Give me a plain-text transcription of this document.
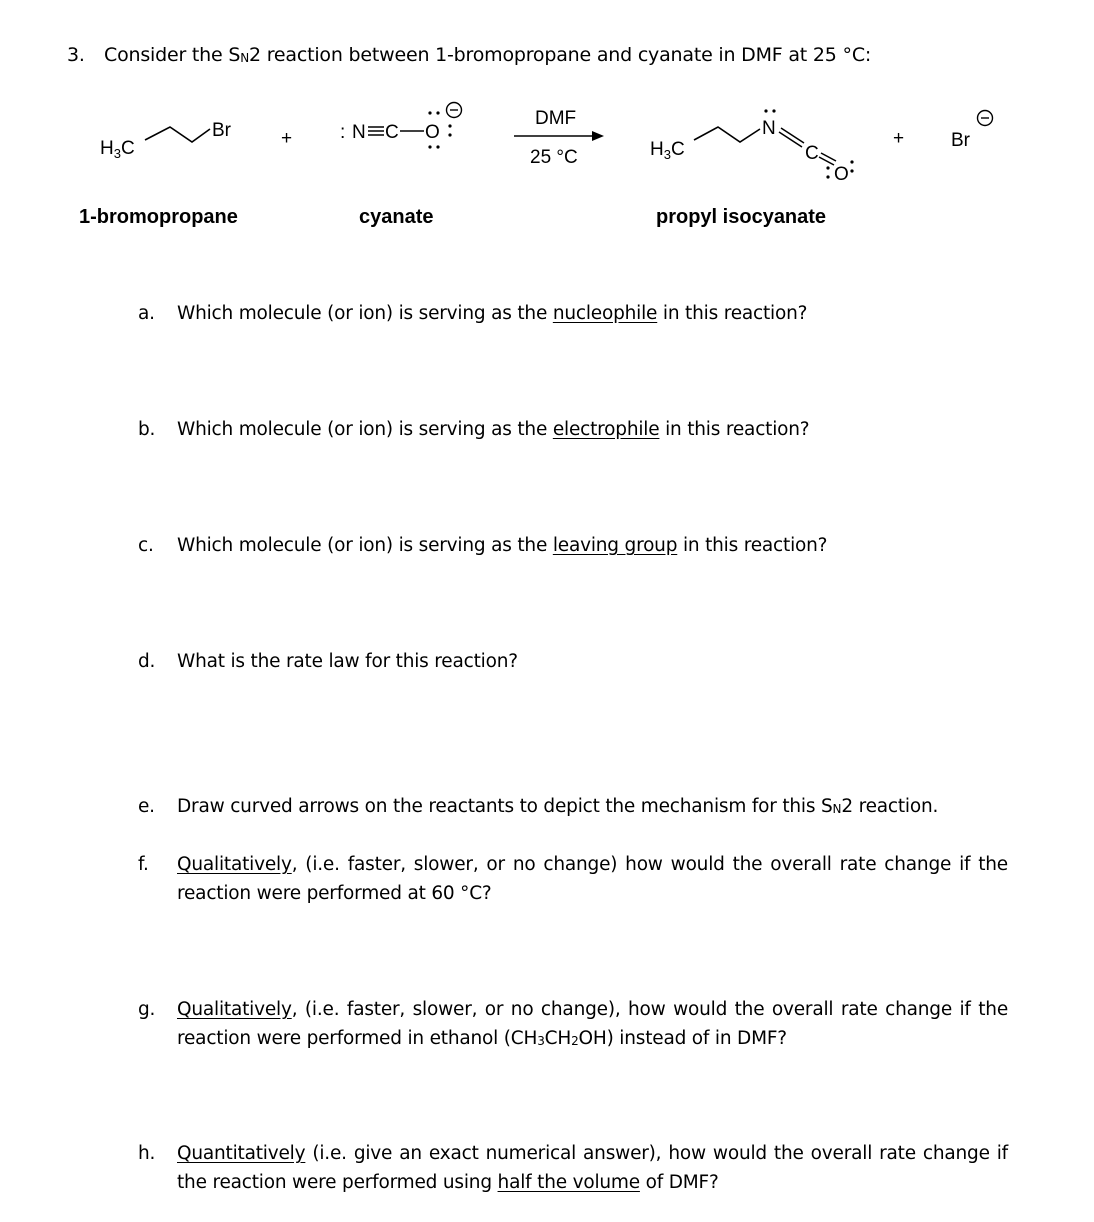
3. Consider the SN2 reaction between 1-bromopropane and cyanate in DMF at 25 °C:
$H_3C$
Br	+	: N C O
DMF
25 °C	$H_3C$
N
C
O
+ Br
1-bromopropane	cyanate	propyl isocyanate
a. Which molecule (or ion) is serving as the nucleophile in this reaction?
b. Which molecule (or ion) is serving as the electrophile in this reaction?
c. Which molecule (or ion) is serving as the leaving group in this reaction?
d. What is the rate law for this reaction?
e. Draw curved arrows on the reactants to depict the mechanism for this SN2 reaction.
f. Qualitatively, (i.e. faster, slower, or no change) how would the overall rate change if the reaction were performed at 60 °C?
g. Qualitatively, (i.e. faster, slower, or no change), how would the overall rate change if the reaction were performed in ethanol (CH3CH2OH) instead of in DMF?
h. Quantitatively (i.e. give an exact numerical answer), how would the overall rate change if the reaction were performed using half the volume of DMF?
